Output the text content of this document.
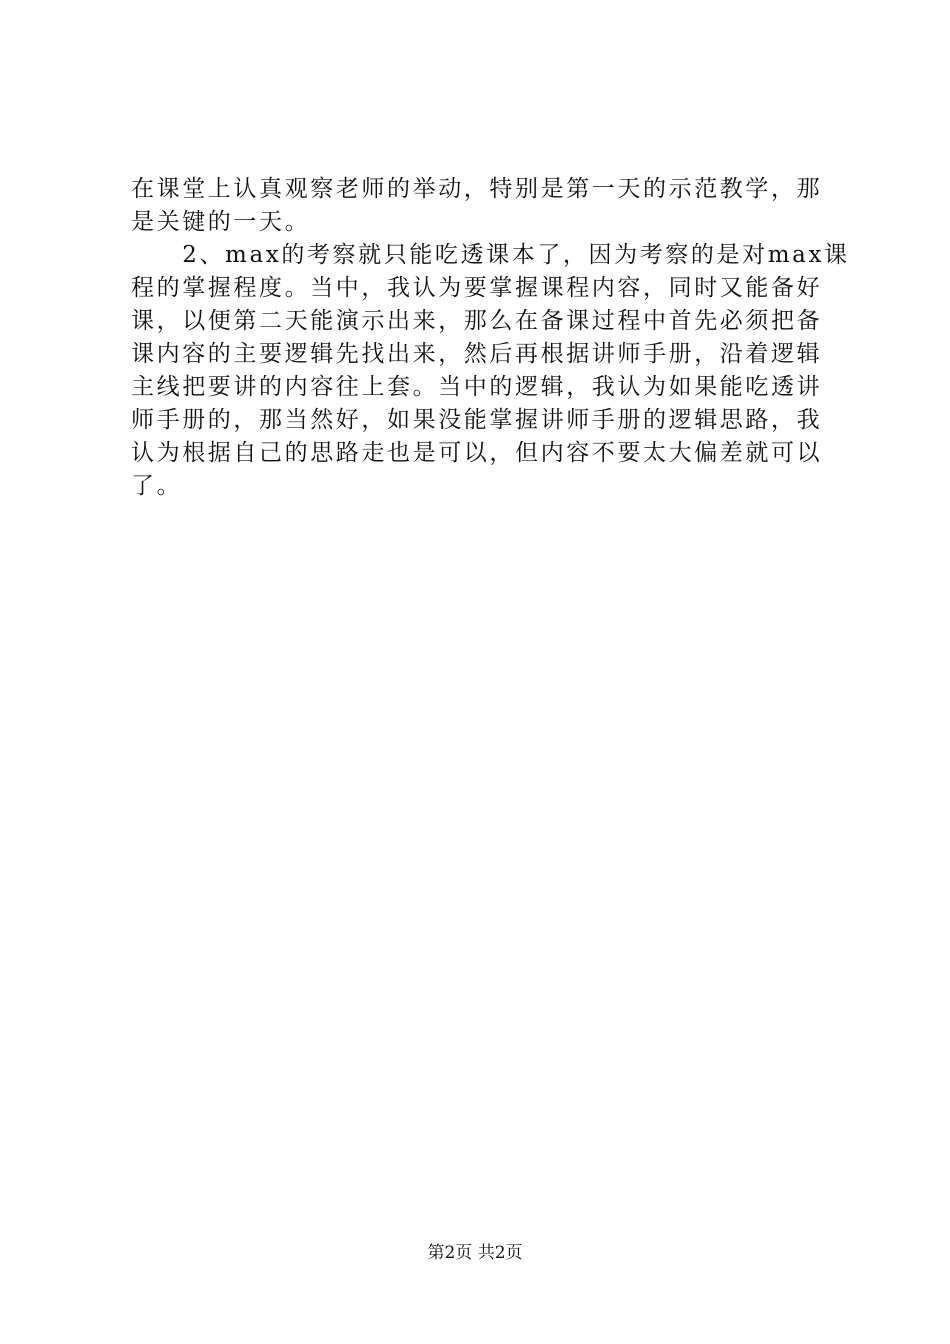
在课堂上认真观察老师的举动，特别是第一天的示范教学，那
是关键的一天。
　　2、max的考察就只能吃透课本了，因为考察的是对max课
程的掌握程度。当中，我认为要掌握课程内容，同时又能备好
课，以便第二天能演示出来，那么在备课过程中首先必须把备
课内容的主要逻辑先找出来，然后再根据讲师手册，沿着逻辑
主线把要讲的内容往上套。当中的逻辑，我认为如果能吃透讲
师手册的，那当然好，如果没能掌握讲师手册的逻辑思路，我
认为根据自己的思路走也是可以，但内容不要太大偏差就可以
了。
第2页 共2页
